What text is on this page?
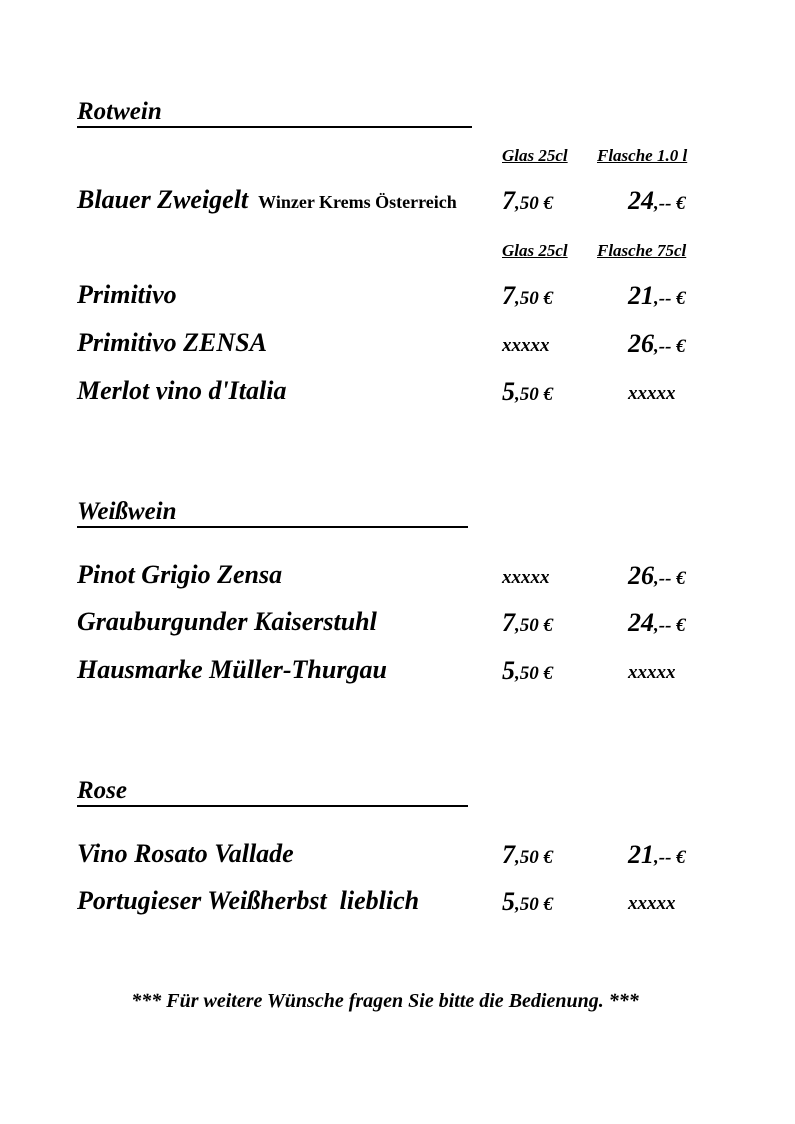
Rotwein
Glas 25cl Flasche 1.0 l
Blauer Zweigelt Winzer Krems Österreich 7,50 €	24,-- €
Glas 25cl Flasche 75cl
Primitivo	7,50 €	21,-- €
Primitivo ZENSA	xxxxx	26,-- €
Merlot vino d'Italia	5,50 €	xxxxx
Weißwein
Pinot Grigio Zensa	xxxxx	26,-- €
Grauburgunder Kaiserstuhl	7,50 €	24,-- €
Hausmarke Müller-Thurgau	5,50 €	xxxxx
Rose
Vino Rosato Vallade	7,50 €	21,-- €
Portugieser Weißherbst  lieblich	5,50 €	xxxxx
*** Für weitere Wünsche fragen Sie bitte die Bedienung. ***
